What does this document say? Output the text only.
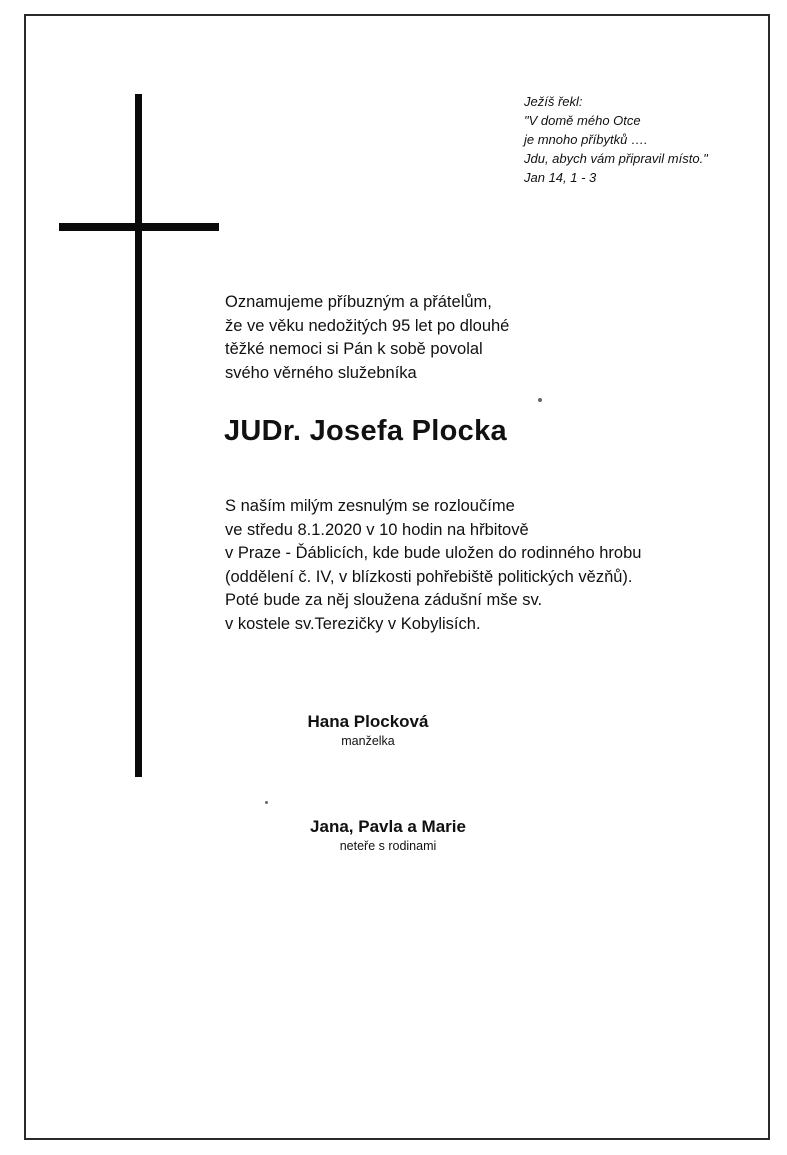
Ježíš řekl:
"V domě mého Otce
je mnoho příbytků ….
Jdu, abych vám připravil místo."
Jan 14, 1 - 3
Oznamujeme příbuzným a přátelům,
že ve věku nedožitých 95 let po dlouhé
těžké nemoci si Pán k sobě povolal
svého věrného služebníka
JUDr. Josefa Plocka
S naším milým zesnulým se rozloučíme
ve středu 8.1.2020 v 10 hodin na hřbitově
v Praze - Ďáblicích, kde bude uložen do rodinného hrobu
(oddělení č. IV, v blízkosti pohřebiště politických vězňů).
Poté bude za něj sloužena zádušní mše sv.
v kostele sv.Terezičky v Kobylisích.
Hana Plocková
manželka
Jana, Pavla a Marie
neteře s rodinami
